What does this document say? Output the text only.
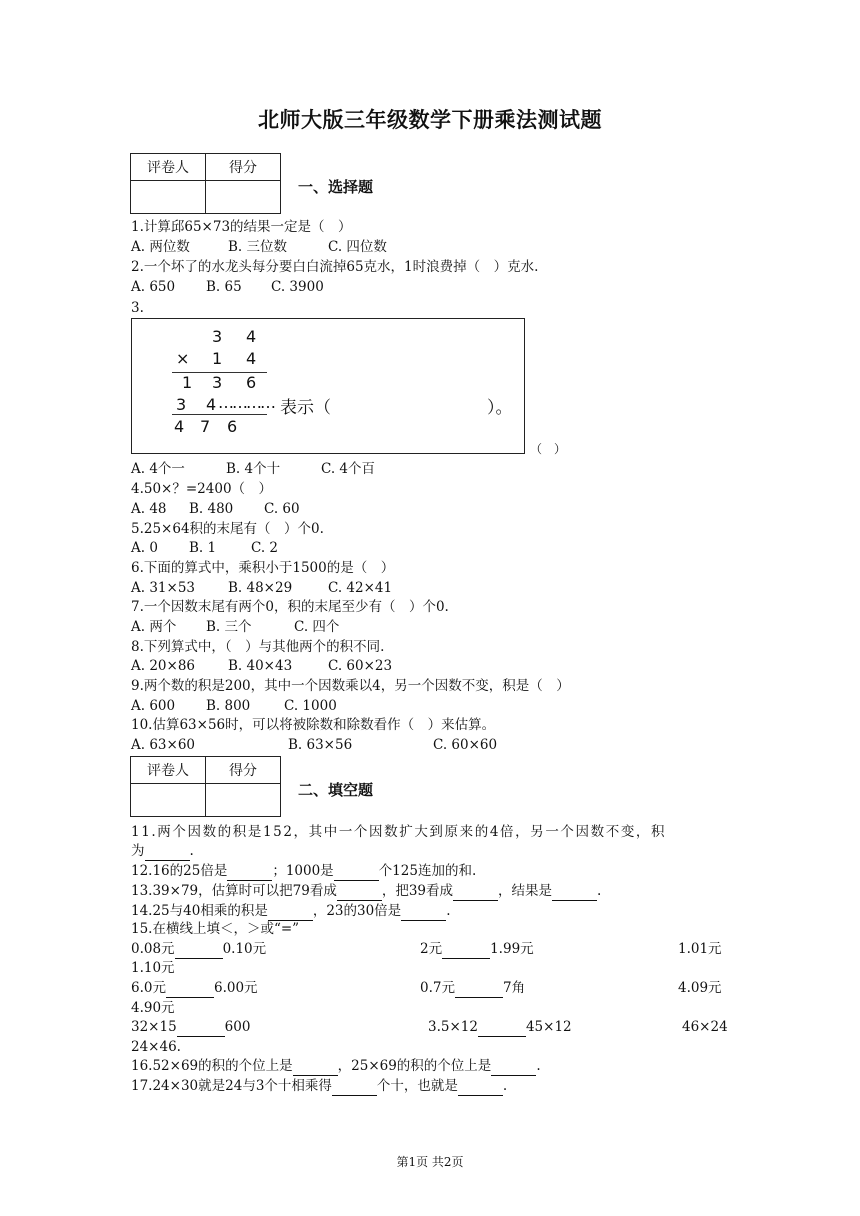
北师大版三年级数学下册乘法测试题
评卷人	得分

一、选择题
1.计算邱65×73的结果一定是（　）
A. 两位数	B. 三位数	C. 四位数
2.一个坏了的水龙头每分要白白流掉65克水，1时浪费掉（　）克水.
A. 650 B. 65 C. 3900
3.
3 4
× 1 4
1 3 6
3 4 ………… 表示（	）。
4 7 6
（　）
A. 4个一	B. 4个十	C. 4个百
4.50×？=2400（　）
A. 48 B. 480 C. 60
5.25×64积的末尾有（　）个0.
A. 0 B. 1	C. 2
6.下面的算式中，乘积小于1500的是（　）
A. 31×53 B. 48×29	C. 42×41
7.一个因数末尾有两个0，积的末尾至少有（　）个0.
A. 两个 B. 三个	C. 四个
8.下列算式中，（　）与其他两个的积不同.
A. 20×86 B. 40×43	C. 60×23
9.两个数的积是200，其中一个因数乘以4，另一个因数不变，积是（　）
A. 600 B. 800 C. 1000
10.估算63×56时，可以将被除数和除数看作（　）来估算。
A. 63×60	B. 63×56	C. 60×60
评卷人	得分

二、填空题
11.两个因数的积是152，其中一个因数扩大到原来的4倍，另一个因数不变，积
为	.
12.16的25倍是	；1000是	个125连加的和.
13.39×79，估算时可以把79看成	，把39看成	，结果是	.
14.25与40相乘的积是	，23的30倍是	.
15.在横线上填＜，＞或“=”
0.08元	0.10元	2元	1.99元	1.01元
1.10元
6.0元	6.00元	0.7元	7角	4.09元
4.90元
32×15	600	3.5×12	45×12	46×24
24×46.
16.52×69的积的个位上是	，25×69的积的个位上是	.
17.24×30就是24与3个十相乘得	个十，也就是	.
第1页 共2页
